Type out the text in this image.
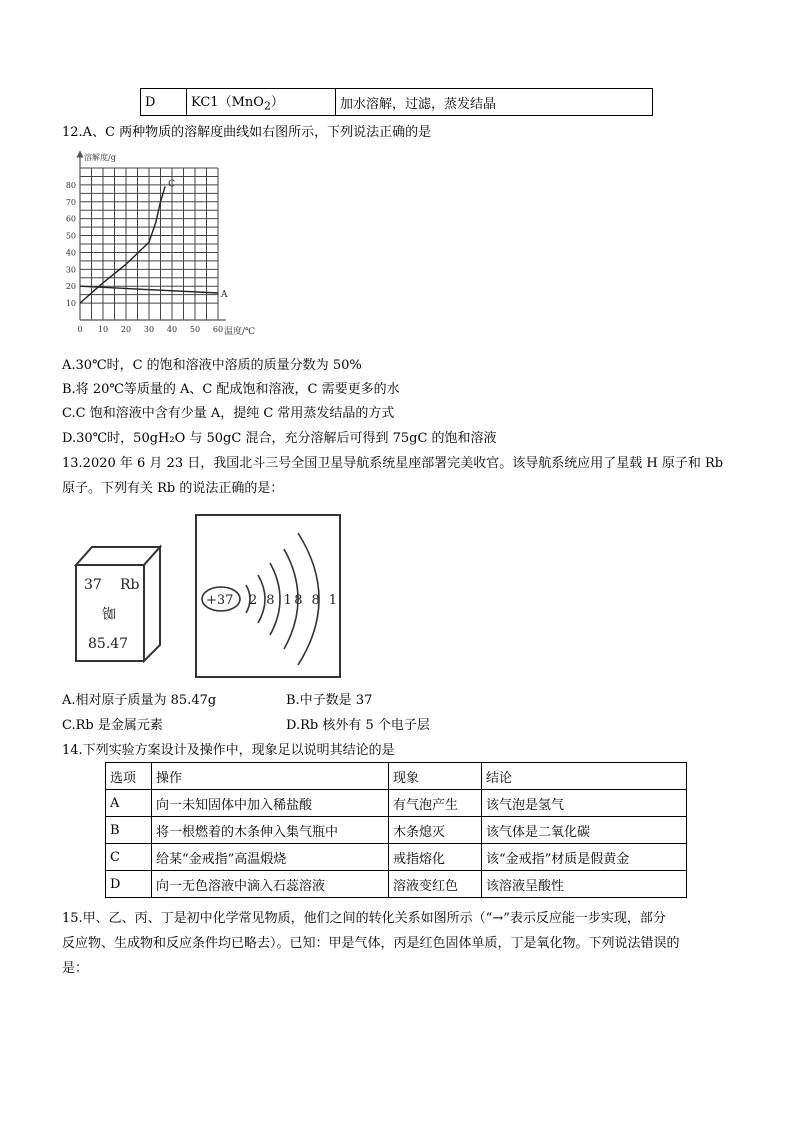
D	KC1（MnO$_2$）	加水溶解，过滤，蒸发结晶
12.A、C 两种物质的溶解度曲线如右图所示，下列说法正确的是
0 10 20 30 40 50 60
10
20
30
40
50
60
70
80	C
A
溶解度/g
温度/℃
A.30℃时，C 的饱和溶液中溶质的质量分数为 50%
B.将 20℃等质量的 A、C 配成饱和溶液，C 需要更多的水
C.C 饱和溶液中含有少量 A，提纯 C 常用蒸发结晶的方式
D.30℃时，50gH₂O 与 50gC 混合，充分溶解后可得到 75gC 的饱和溶液
13.2020 年 6 月 23 日，我国北斗三号全国卫星导航系统星座部署完美收官。该导航系统应用了星载 H 原子和 Rb
原子。下列有关 Rb 的说法正确的是：
37 Rb
铷
85.47
+37 2 8 18 8 1
A.相对原子质量为 85.47g	B.中子数是 37
C.Rb 是金属元素	D.Rb 核外有 5 个电子层
14.下列实验方案设计及操作中，现象足以说明其结论的是
选项	操作	现象	结论
A	向一未知固体中加入稀盐酸	有气泡产生	该气泡是氢气
B	将一根燃着的木条伸入集气瓶中	木条熄灭	该气体是二氧化碳
C	给某“金戒指”高温煅烧	戒指熔化	该“金戒指”材质是假黄金
D	向一无色溶液中滴入石蕊溶液	溶液变红色	该溶液呈酸性
15.甲、乙、丙、丁是初中化学常见物质，他们之间的转化关系如图所示（“→”表示反应能一步实现，部分
反应物、生成物和反应条件均已略去）。已知：甲是气体，丙是红色固体单质，丁是氧化物。下列说法错误的
是：
